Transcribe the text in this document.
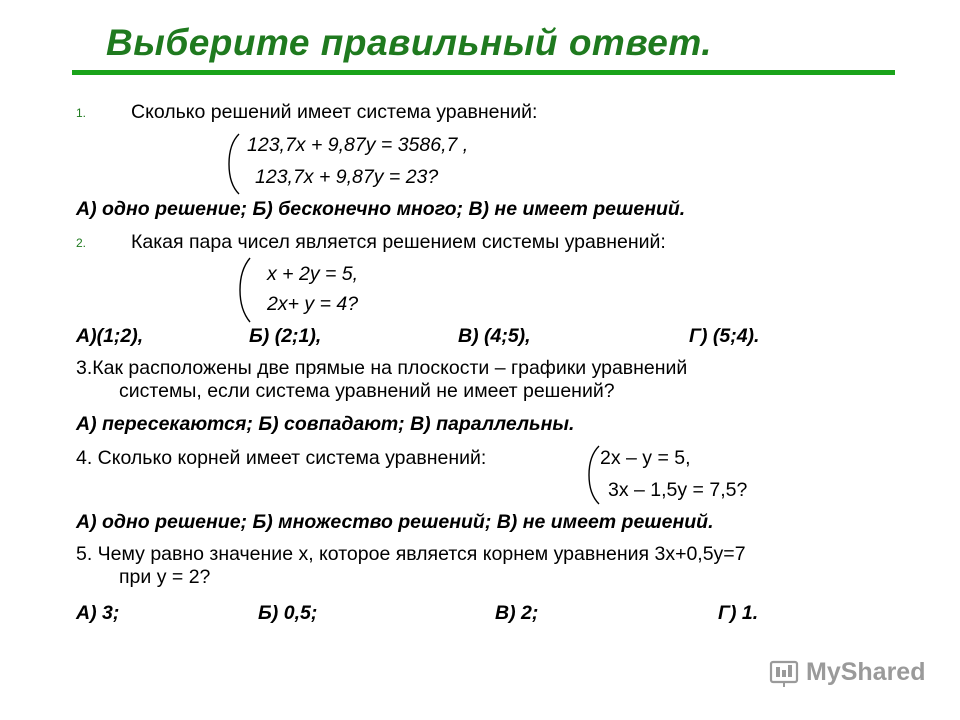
Выберите правильный ответ.
1. Сколько решений имеет система уравнений:
123,7х + 9,87у = 3586,7 ,
123,7х + 9,87у = 23?
А) одно решение; Б) бесконечно много; В) не имеет решений.
2. Какая пара чисел является решением системы уравнений:
х + 2у = 5,
2х+ у = 4?
А)(1;2),	Б) (2;1),	В) (4;5),	Г) (5;4).
3.Как расположены две прямые на плоскости – графики уравнений
системы, если система уравнений не имеет решений?
А) пересекаются; Б) совпадают; В) параллельны.
4. Сколько корней имеет система уравнений:	2х – у = 5,
3х – 1,5у = 7,5?
А) одно решение; Б) множество решений; В) не имеет решений.
5. Чему равно значение х, которое является корнем уравнения 3х+0,5у=7
при у = 2?
А) 3;	Б) 0,5;	В) 2;	Г) 1.
MyShared
